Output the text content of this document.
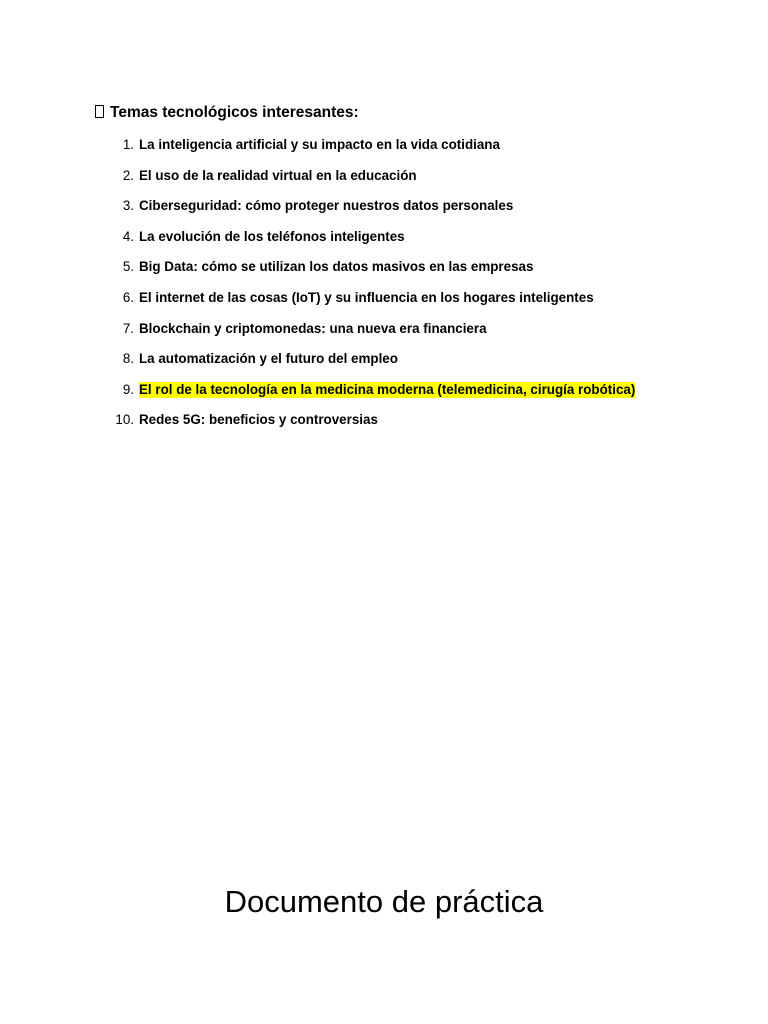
Temas tecnológicos interesantes:
1. La inteligencia artificial y su impacto en la vida cotidiana
2. El uso de la realidad virtual en la educación
3. Ciberseguridad: cómo proteger nuestros datos personales
4. La evolución de los teléfonos inteligentes
5. Big Data: cómo se utilizan los datos masivos en las empresas
6. El internet de las cosas (IoT) y su influencia en los hogares inteligentes
7. Blockchain y criptomonedas: una nueva era financiera
8. La automatización y el futuro del empleo
9. El rol de la tecnología en la medicina moderna (telemedicina, cirugía robótica)
10. Redes 5G: beneficios y controversias
Documento de práctica
